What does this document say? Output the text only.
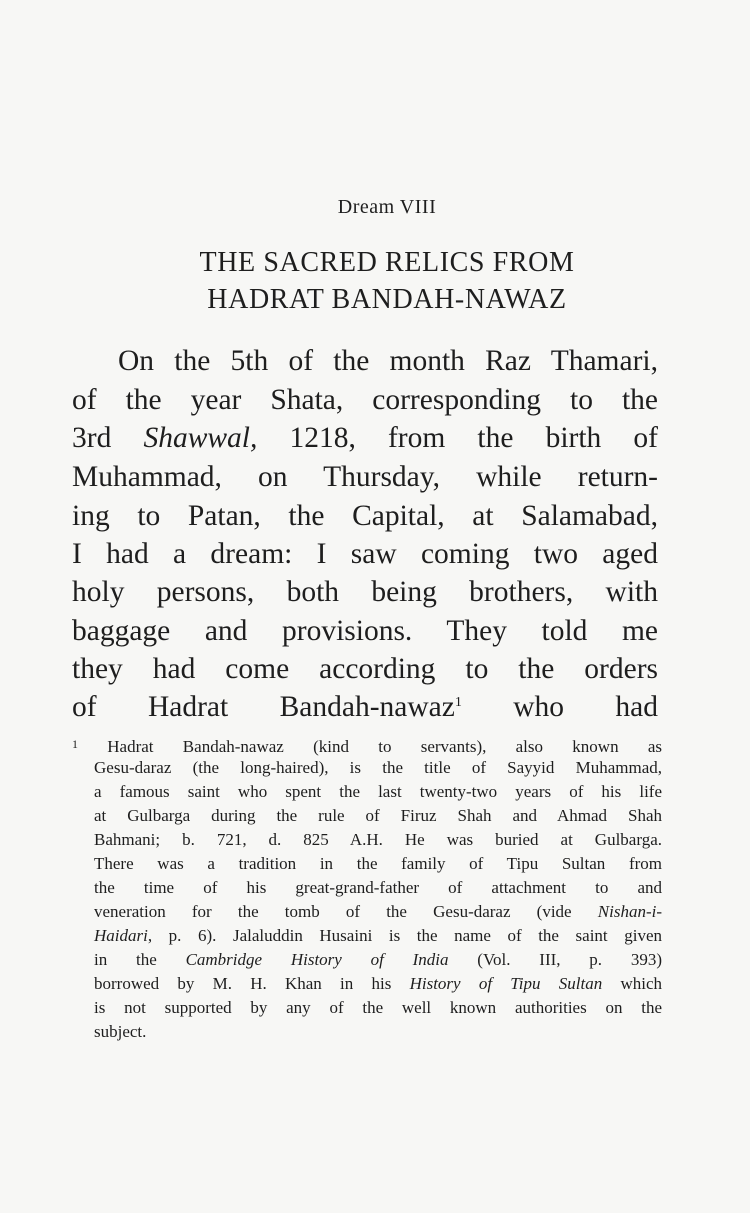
Dream VIII
THE SACRED RELICS FROM
HADRAT BANDAH-NAWAZ
On the 5th of the month Raz Thamari,
of the year Shata, corresponding to the
3rd Shawwal, 1218, from the birth of
Muhammad, on Thursday, while return-
ing to Patan, the Capital, at Salamabad,
I had a dream: I saw coming two aged
holy persons, both being brothers, with
baggage and provisions. They told me
they had come according to the orders
of Hadrat Bandah-nawaz$^1$ who had
$^1$ Hadrat Bandah-nawaz (kind to servants), also known as
Gesu-daraz (the long-haired), is the title of Sayyid Muhammad,
a famous saint who spent the last twenty-two years of his life
at Gulbarga during the rule of Firuz Shah and Ahmad Shah
Bahmani; b. 721, d. 825 A.H. He was buried at Gulbarga.
There was a tradition in the family of Tipu Sultan from
the time of his great-grand-father of attachment to and
veneration for the tomb of the Gesu-daraz (vide Nishan-i-
Haidari, p. 6). Jalaluddin Husaini is the name of the saint given
in the Cambridge History of India (Vol. III, p. 393)
borrowed by M. H. Khan in his History of Tipu Sultan which
is not supported by any of the well known authorities on the
subject.
